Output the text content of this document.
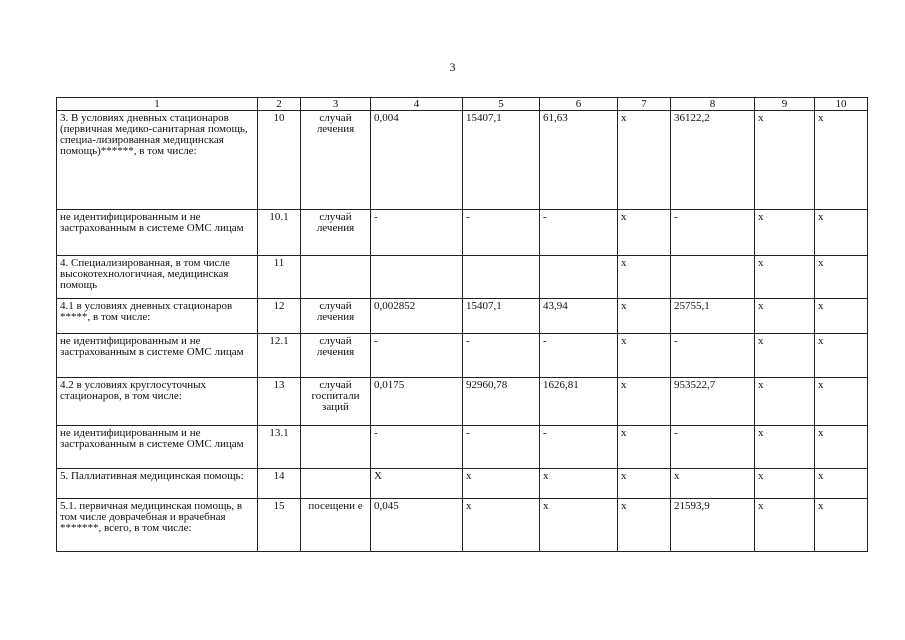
3
1	2	3	4	5	6	7	8	9	10
3. В условиях дневных стационаров (первичная медико-санитарная помощь, специа-лизированная медицинская помощь)******, в том числе:	10	случай лечения	0,004	15407,1	61,63	x	36122,2	x	x
не идентифицированным и не застрахованным в системе ОМС лицам	10.1	случай лечения	-	-	-	x	-	x	x
4. Специализированная, в том числе высокотехнологичная, медицинская помощь	11					x		x	x
4.1 в условиях дневных стационаров *****, в том числе:	12	случай лечения	0,002852	15407,1	43,94	x	25755,1	x	x
не идентифицированным и не застрахованным в системе ОМС лицам	12.1	случай лечения	-	-	-	x	-	x	x
4.2 в условиях круглосуточных стационаров, в том числе:	13	случай госпитали заций	0,0175	92960,78	1626,81	x	953522,7	x	x
не идентифицированным и не застрахованным в системе ОМС лицам	13.1		-	-	-	x	-	x	x
5. Паллиативная медицинская помощь:	14		X	x	x	x	x	x	x
5.1. первичная медицинская помощь, в том числе доврачебная и врачебная *******, всего, в том числе:	15	посещени е	0,045	x	x	x	21593,9	x	x
